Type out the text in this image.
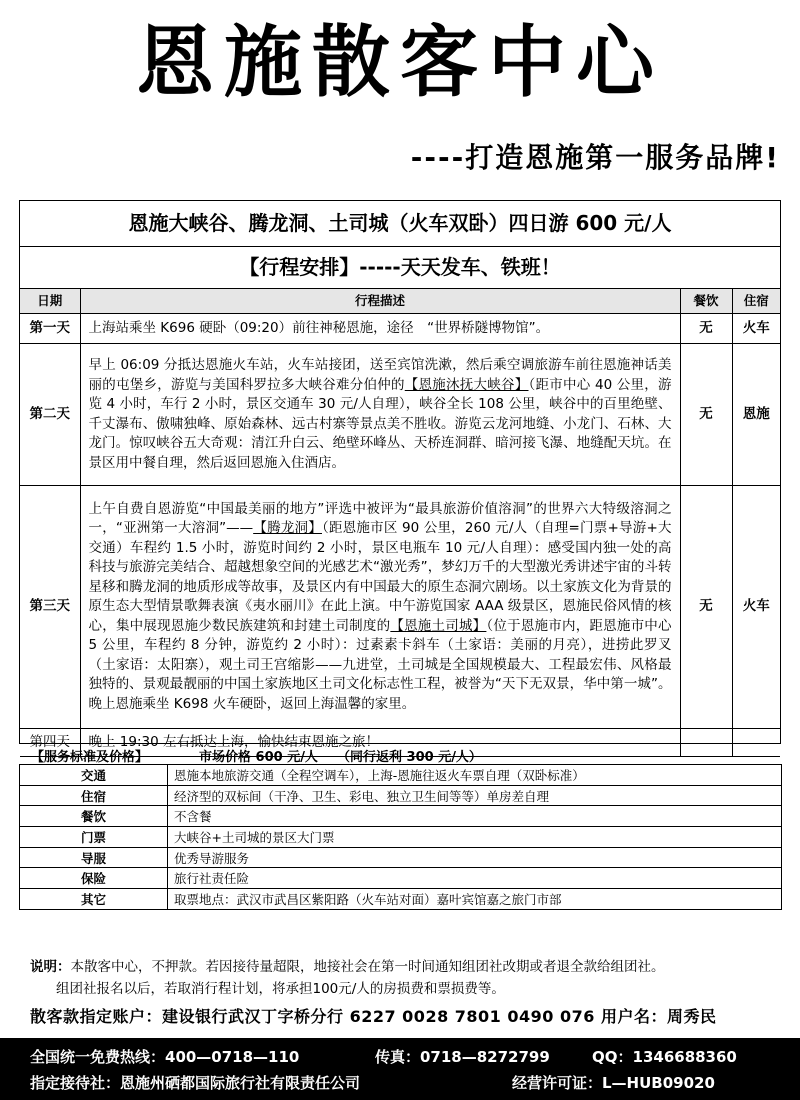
恩施散客中心
----打造恩施第一服务品牌!
恩施大峡谷、腾龙洞、土司城（火车双卧）四日游 600 元/人
【行程安排】-----天天发车、铁班！
日期	行程描述	餐饮	住宿
第一天	上海站乘坐 K696 硬卧（09:20）前往神秘恩施，途径　“世界桥隧博物馆”。	无	火车
第二天	早上 06:09 分抵达恩施火车站，火车站接团，送至宾馆洗漱，然后乘空调旅游车前往恩施神话美丽的屯堡乡，游览与美国科罗拉多大峡谷难分伯仲的【恩施沐抚大峡谷】（距市中心 40 公里，游览 4 小时，车行 2 小时，景区交通车 30 元/人自理），峡谷全长 108 公里，峡谷中的百里绝壁、千丈瀑布、傲啸独峰、原始森林、远古村寨等景点美不胜收。游览云龙河地缝、小龙门、石林、大龙门。惊叹峡谷五大奇观：清江升白云、绝壁环峰丛、天桥连洞群、暗河接飞瀑、地缝配天坑。在景区用中餐自理，然后返回恩施入住酒店。	无	恩施
第三天	上午自费自恩游览“中国最美丽的地方”评选中被评为“最具旅游价值溶洞”的世界六大特级溶洞之一，“亚洲第一大溶洞”——【腾龙洞】（距恩施市区 90 公里，260 元/人（自理=门票+导游+大交通）车程约 1.5 小时，游览时间约 2 小时，景区电瓶车 10 元/人自理）：感受国内独一处的高科技与旅游完美结合、超越想象空间的光感艺术“激光秀”，梦幻万千的大型激光秀讲述宇宙的斗转星移和腾龙洞的地质形成等故事，及景区内有中国最大的原生态洞穴剧场。以土家族文化为背景的原生态大型情景歌舞表演《夷水丽川》在此上演。中午游览国家 AAA 级景区，恩施民俗风情的核心，集中展现恩施少数民族建筑和封建土司制度的【恩施土司城】（位于恩施市内，距恩施市中心 5 公里，车程约 8 分钟，游览约 2 小时）：过素素卡斜车（土家语：美丽的月亮），进捞此罗叉（土家语：太阳寨），观土司王宫缩影——九进堂，土司城是全国规模最大、工程最宏伟、风格最独特的、景观最靓丽的中国土家族地区土司文化标志性工程，被誉为“天下无双景，华中第一城”。晚上恩施乘坐 K698 火车硬卧，返回上海温馨的家里。	无	火车
第四天	晚上 19:30 左右抵达上海，愉快结束恩施之旅！		
【服务标准及价格】	市场价格 600 元/人 （同行返利 300 元/人）
交通	恩施本地旅游交通（全程空调车），上海-恩施往返火车票自理（双卧标准）
住宿	经济型的双标间（干净、卫生、彩电、独立卫生间等等）单房差自理
餐饮	不含餐
门票	大峡谷+土司城的景区大门票
导服	优秀导游服务
保险	旅行社责任险
其它	取票地点：武汉市武昌区紫阳路（火车站对面）嘉叶宾馆嘉之旅门市部
说明：本散客中心，不押款。若因接待量超限，地接社会在第一时间通知组团社改期或者退全款给组团社。
组团社报名以后，若取消行程计划，将承担100元/人的房损费和票损费等。
散客款指定账户：建设银行武汉丁字桥分行 6227 0028 7801 0490 076 用户名：周秀民
全国统一免费热线：400—0718—110	传真：0718—8272799	QQ：1346688360
指定接待社：恩施州硒都国际旅行社有限责任公司	经营许可证：L—HUB09020
